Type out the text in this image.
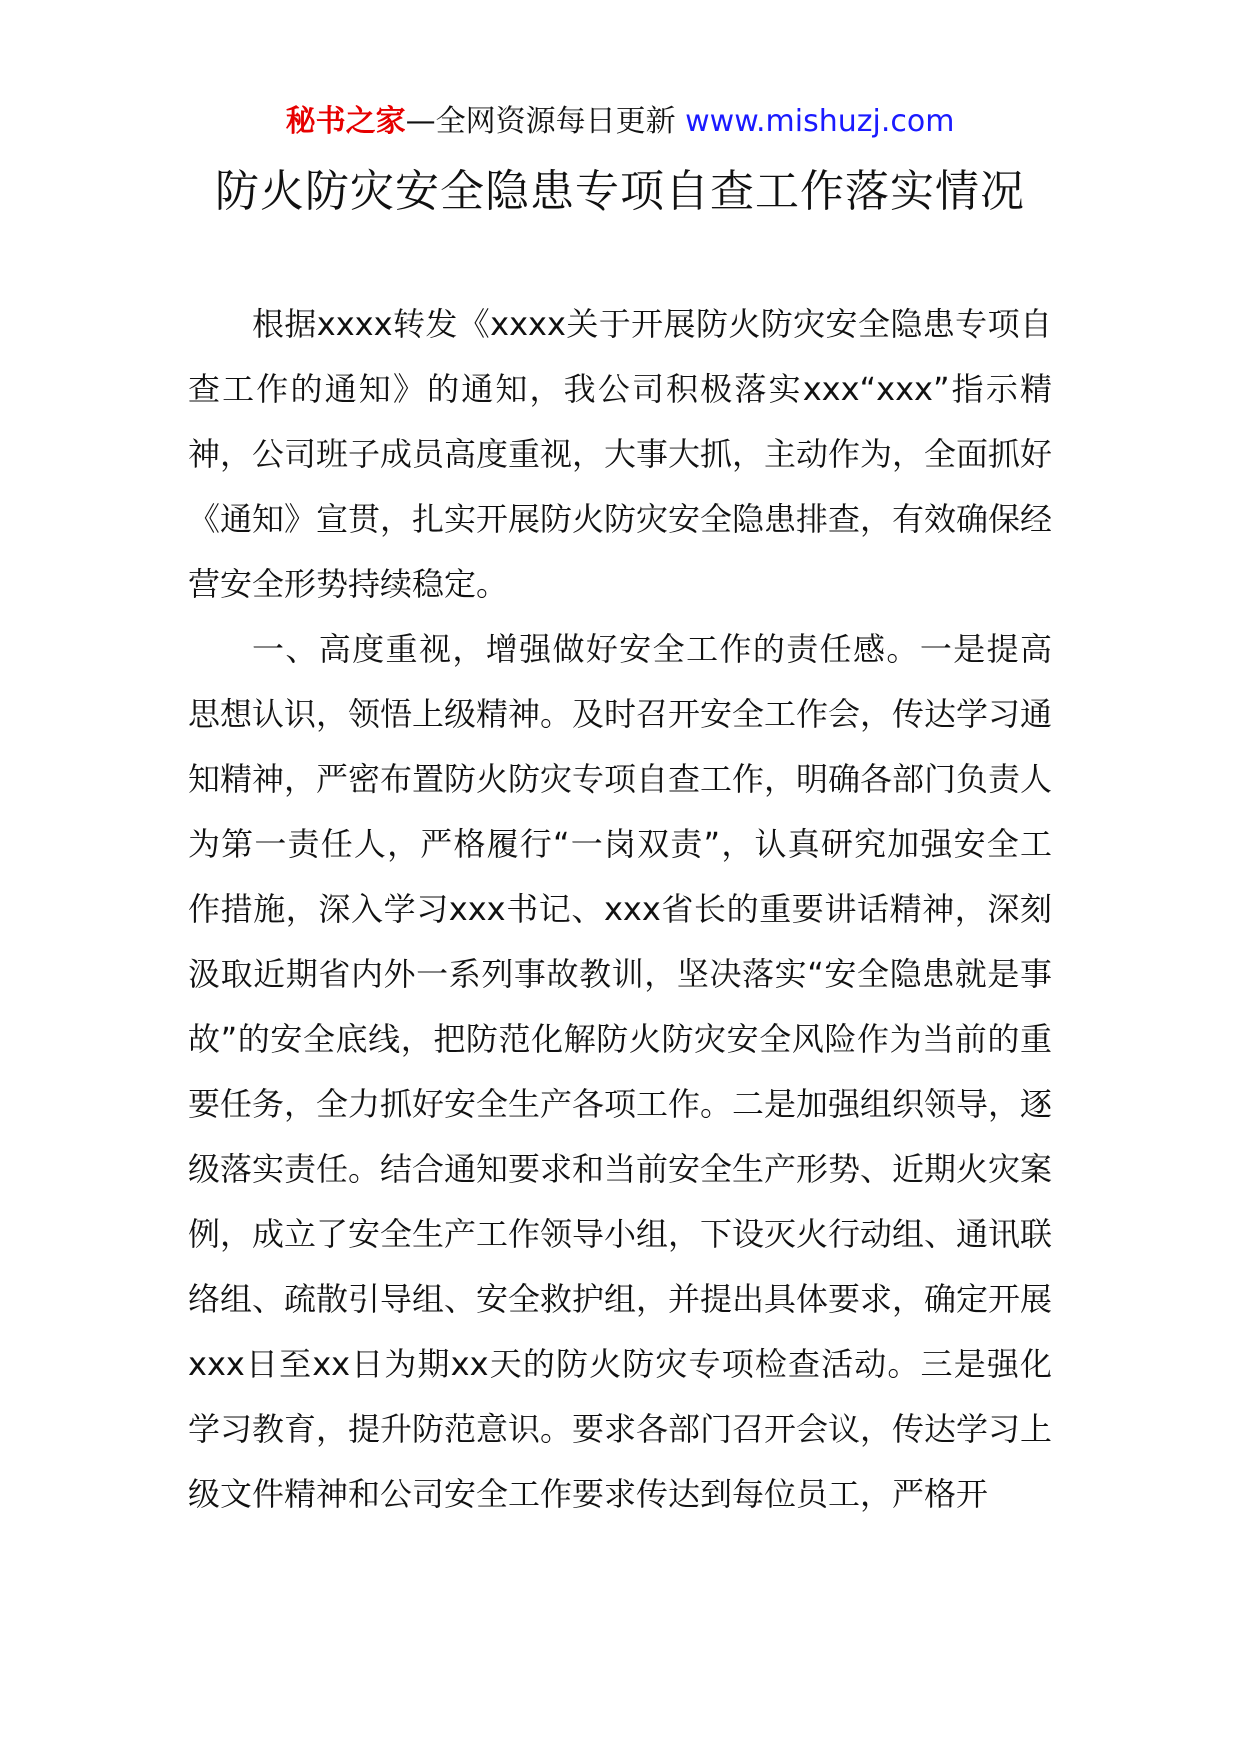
秘书之家—全网资源每日更新 www.mishuzj.com
防火防灾安全隐患专项自查工作落实情况

根据xxxx转发《xxxx关于开展防火防灾安全隐患专项自查工作的通知》的通知，我公司积极落实xxx“xxx”指示精神，公司班子成员高度重视，大事大抓，主动作为，全面抓好《通知》宣贯，扎实开展防火防灾安全隐患排查，有效确保经营安全形势持续稳定。

一、高度重视，增强做好安全工作的责任感。一是提高思想认识，领悟上级精神。及时召开安全工作会，传达学习通知精神，严密布置防火防灾专项自查工作，明确各部门负责人为第一责任人，严格履行“一岗双责”，认真研究加强安全工作措施，深入学习xxx书记、xxx省长的重要讲话精神，深刻汲取近期省内外一系列事故教训，坚决落实“安全隐患就是事故”的安全底线，把防范化解防火防灾安全风险作为当前的重要任务，全力抓好安全生产各项工作。二是加强组织领导，逐级落实责任。结合通知要求和当前安全生产形势、近期火灾案例，成立了安全生产工作领导小组，下设灭火行动组、通讯联络组、疏散引导组、安全救护组，并提出具体要求，确定开展xxx日至xx日为期xx天的防火防灾专项检查活动。三是强化学习教育，提升防范意识。要求各部门召开会议，传达学习上级文件精神和公司安全工作要求传达到每位员工，严格开
